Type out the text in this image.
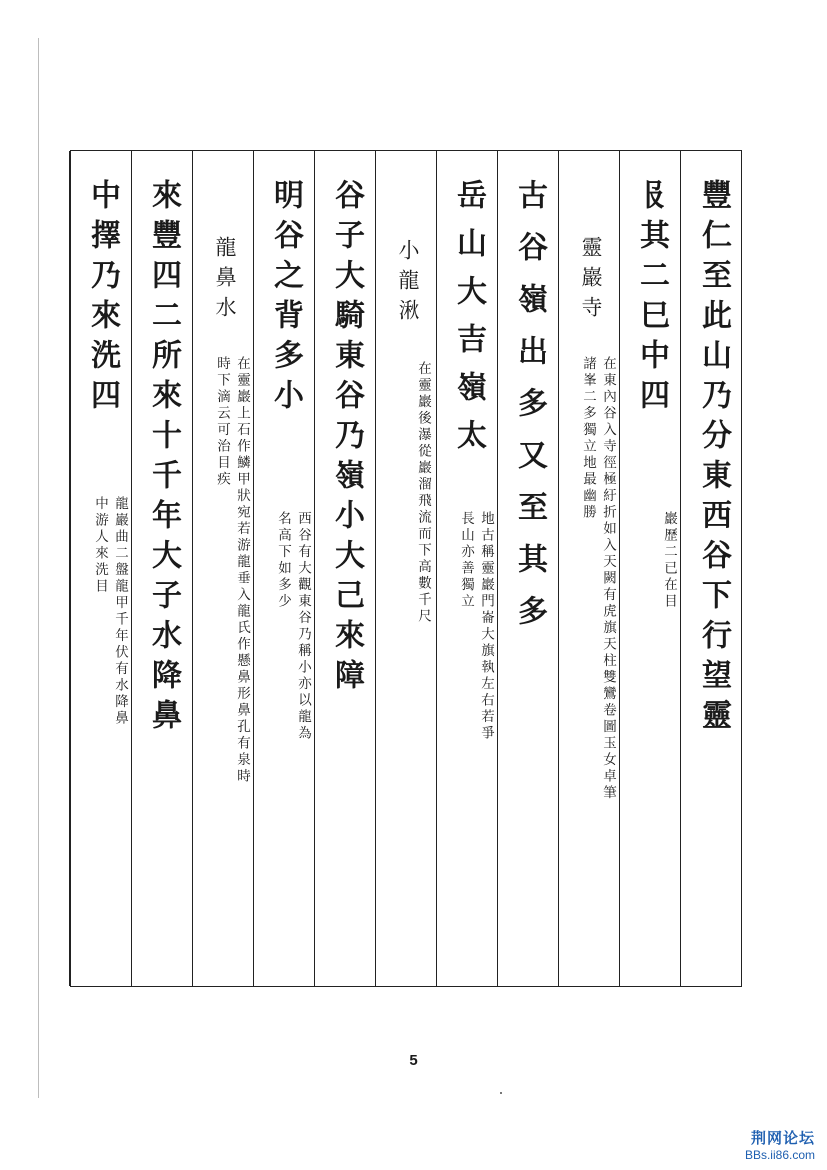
豐仁至此山乃分東西谷下行望靈
𠬝其二巳中四
巖歷二已在目
靈巖寺
在東內谷入寺徑極紆折如入天闕有虎旗天柱雙鸞卷圖玉女卓筆
諸峯二多獨立地最幽勝
古谷嶺出多又至其多
岳山大吉嶺太
地古稱靈巖門崙大旗執左右若爭
長山亦善獨立
小龍湫
在靈巖後瀑從巖溜飛流而下高數千尺
谷子大騎東谷乃嶺小大己來障
明谷之背多小
西谷有大觀東谷乃稱小亦以龍為
名高下如多少
龍鼻水
在靈巖上石作鱗甲狀宛若游龍垂入龍氏作懸鼻形鼻孔有泉時
時下滴云可治目疾
來豐四二所來十千年大子水降鼻
中擇乃來洗四
龍巖曲二盤龍甲千年伏有水降鼻
中游人來洗目
5
荆网论坛
BBs.ii86.com
